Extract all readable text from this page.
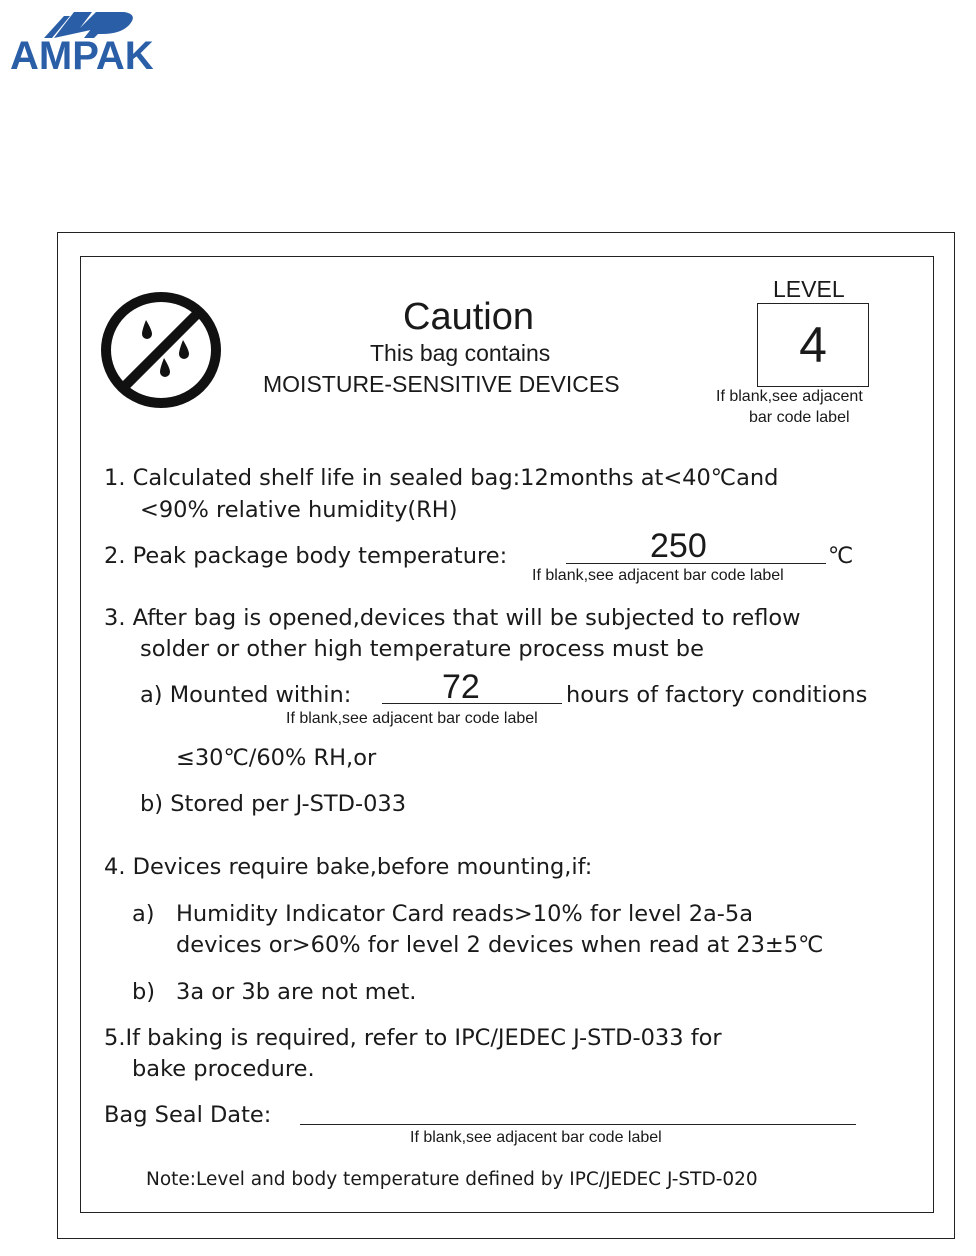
AMPAK
Caution
This bag contains
MOISTURE-SENSITIVE DEVICES
LEVEL
4
If blank,see adjacent
bar code label
1. Calculated shelf life in sealed bag:12months at<40℃and
<90% relative humidity(RH)
2. Peak package body temperature:	250	℃
If blank,see adjacent bar code label
3. After bag is opened,devices that will be subjected to reflow
solder or other high temperature process must be
a) Mounted within:	72	hours of factory conditions
If blank,see adjacent bar code label
≤30℃/60% RH,or
b) Stored per J-STD-033
4. Devices require bake,before mounting,if:
a) Humidity Indicator Card reads>10% for level 2a-5a
devices or>60% for level 2 devices when read at 23±5℃
b) 3a or 3b are not met.
5.If baking is required, refer to IPC/JEDEC J-STD-033 for
bake procedure.
Bag Seal Date:
If blank,see adjacent bar code label
Note:Level and body temperature defined by IPC/JEDEC J-STD-020
